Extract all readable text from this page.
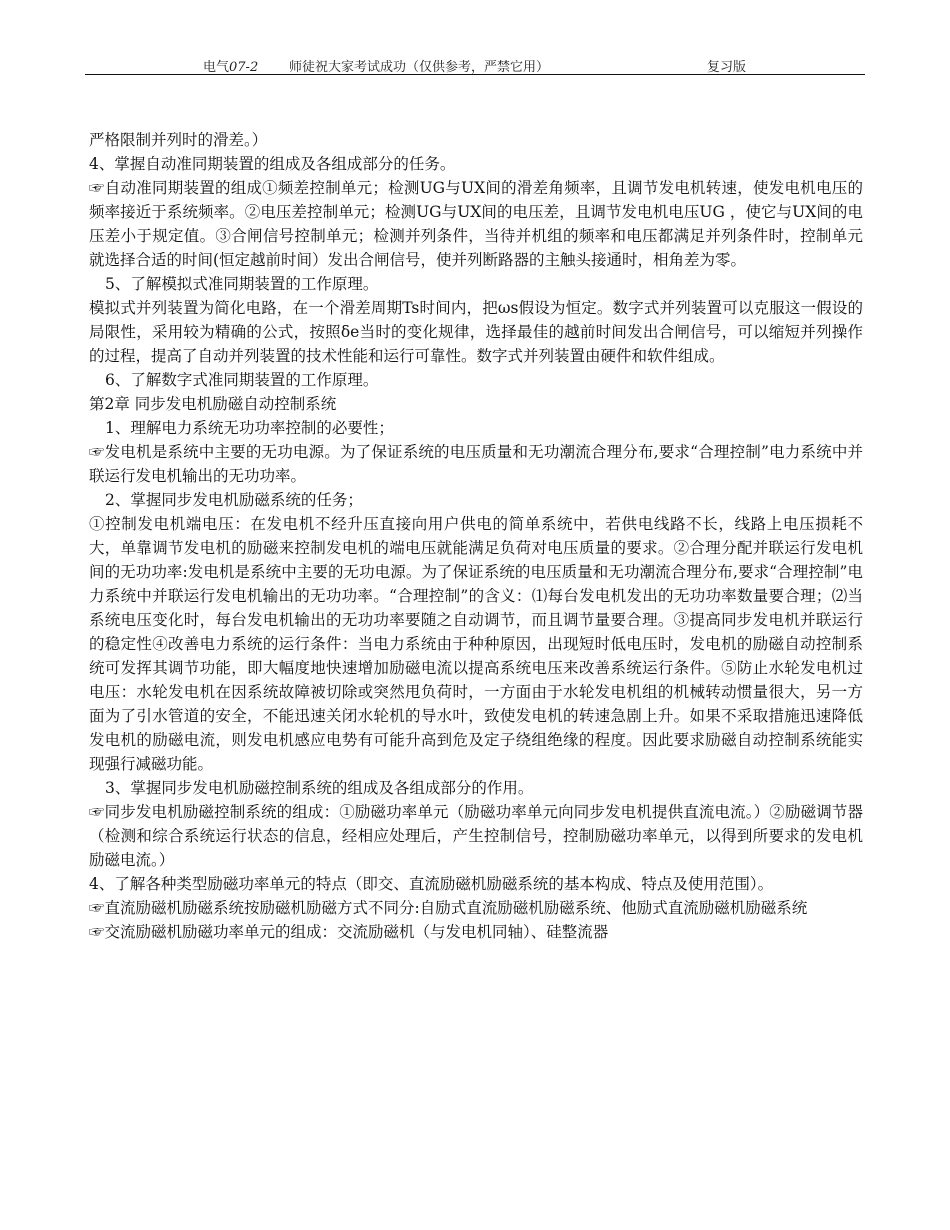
电气07-2 师徒祝大家考试成功（仅供参考，严禁它用）	复习版

严格限制并列时的滑差。）

4、掌握自动准同期装置的组成及各组成部分的任务。

☞自动准同期装置的组成①频差控制单元；检测UG与UX间的滑差角频率，且调节发电机转速，使发电机电压的频率接近于系统频率。②电压差控制单元；检测UG与UX间的电压差，且调节发电机电压UG ，使它与UX间的电压差小于规定值。③合闸信号控制单元；检测并列条件，当待并机组的频率和电压都满足并列条件时，控制单元就选择合适的时间(恒定越前时间）发出合闸信号，使并列断路器的主触头接通时，相角差为零。

5、了解模拟式准同期装置的工作原理。

模拟式并列装置为简化电路，在一个滑差周期Ts时间内，把ωs假设为恒定。数字式并列装置可以克服这一假设的局限性，采用较为精确的公式，按照δe当时的变化规律，选择最佳的越前时间发出合闸信号，可以缩短并列操作的过程，提高了自动并列装置的技术性能和运行可靠性。数字式并列装置由硬件和软件组成。

6、了解数字式准同期装置的工作原理。

第2章 同步发电机励磁自动控制系统

1、理解电力系统无功功率控制的必要性；

☞发电机是系统中主要的无功电源。为了保证系统的电压质量和无功潮流合理分布,要求“合理控制”电力系统中并联运行发电机输出的无功功率。

2、掌握同步发电机励磁系统的任务；

①控制发电机端电压：在发电机不经升压直接向用户供电的简单系统中，若供电线路不长，线路上电压损耗不大，单靠调节发电机的励磁来控制发电机的端电压就能满足负荷对电压质量的要求。②合理分配并联运行发电机间的无功功率:发电机是系统中主要的无功电源。为了保证系统的电压质量和无功潮流合理分布,要求“合理控制”电力系统中并联运行发电机输出的无功功率。“合理控制”的含义：⑴每台发电机发出的无功功率数量要合理；⑵当系统电压变化时，每台发电机输出的无功功率要随之自动调节，而且调节量要合理。③提高同步发电机并联运行的稳定性④改善电力系统的运行条件：当电力系统由于种种原因，出现短时低电压时，发电机的励磁自动控制系统可发挥其调节功能，即大幅度地快速增加励磁电流以提高系统电压来改善系统运行条件。⑤防止水轮发电机过电压：水轮发电机在因系统故障被切除或突然甩负荷时，一方面由于水轮发电机组的机械转动惯量很大，另一方面为了引水管道的安全，不能迅速关闭水轮机的导水叶，致使发电机的转速急剧上升。如果不采取措施迅速降低发电机的励磁电流，则发电机感应电势有可能升高到危及定子绕组绝缘的程度。因此要求励磁自动控制系统能实现强行减磁功能。

3、掌握同步发电机励磁控制系统的组成及各组成部分的作用。

☞同步发电机励磁控制系统的组成：①励磁功率单元（励磁功率单元向同步发电机提供直流电流。）②励磁调节器（检测和综合系统运行状态的信息，经相应处理后，产生控制信号，控制励磁功率单元，以得到所要求的发电机励磁电流。）

4、了解各种类型励磁功率单元的特点（即交、直流励磁机励磁系统的基本构成、特点及使用范围）。

☞直流励磁机励磁系统按励磁机励磁方式不同分:自励式直流励磁机励磁系统、他励式直流励磁机励磁系统

☞交流励磁机励磁功率单元的组成：交流励磁机（与发电机同轴）、硅整流器
